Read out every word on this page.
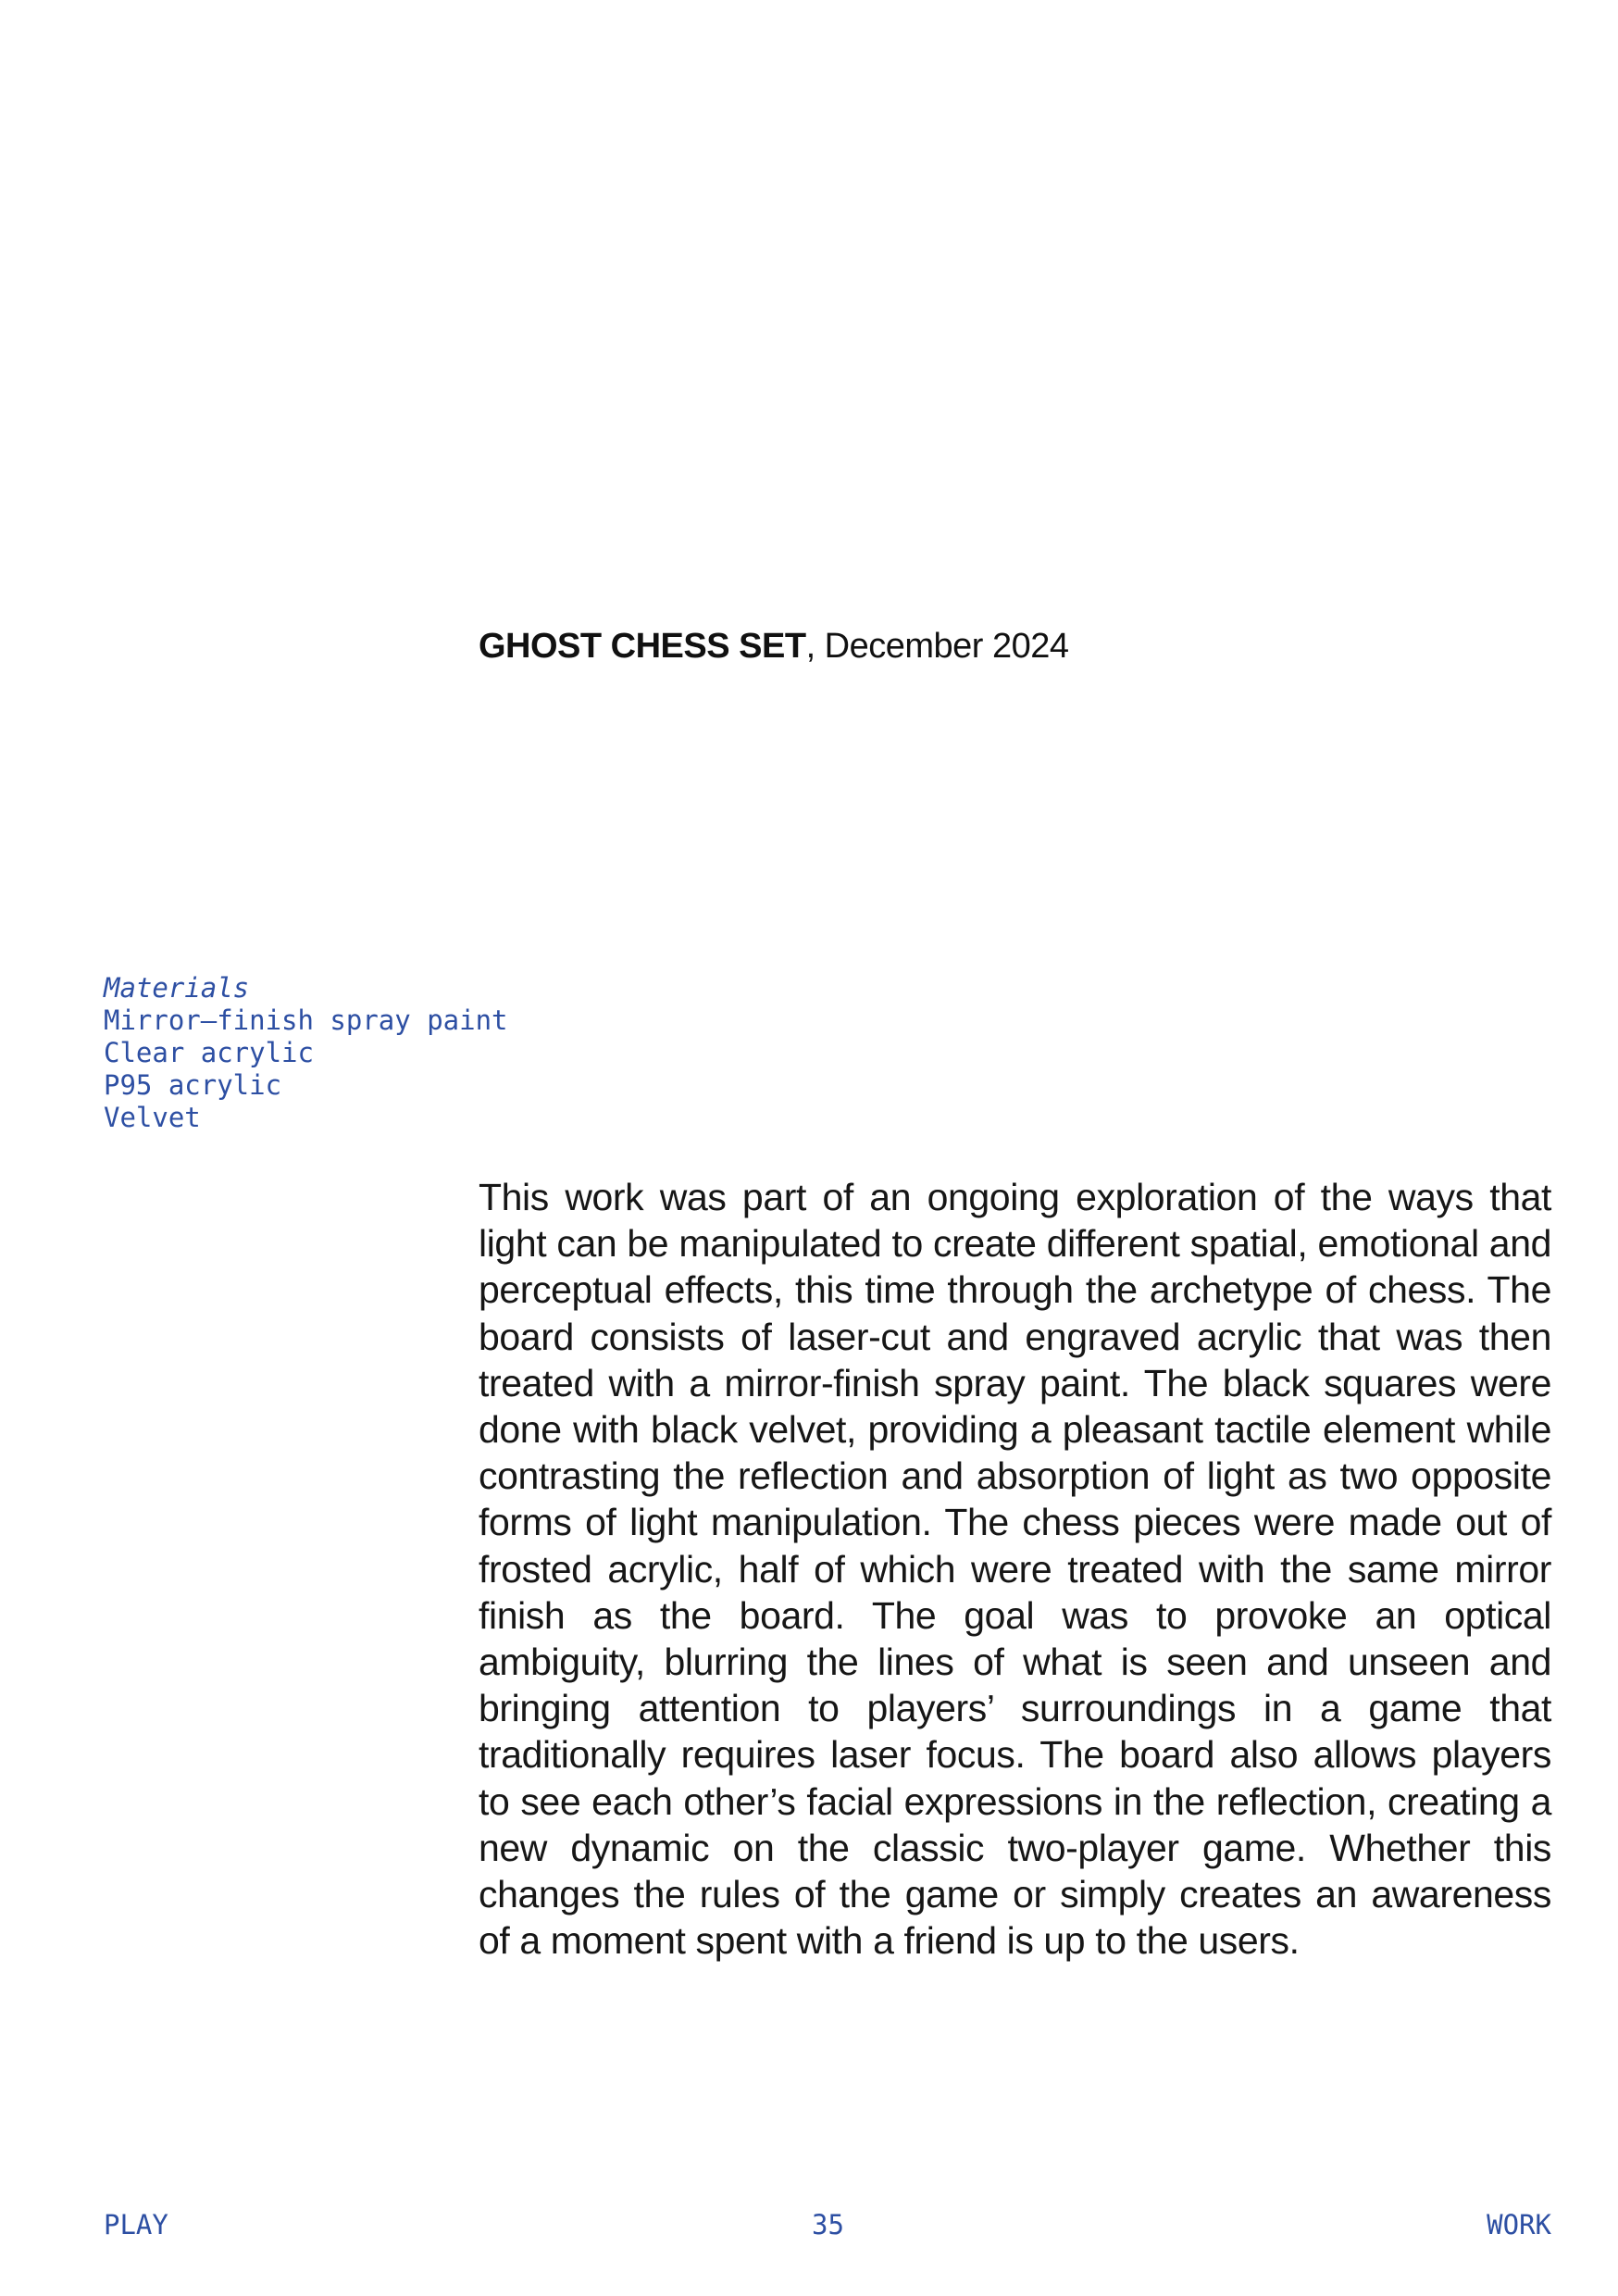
GHOST CHESS SET, December 2024
Materials
Mirror–finish spray paint
Clear acrylic
P95 acrylic
Velvet

This work was part of an ongoing exploration of the ways that light can be manipulated to create different spatial, emotional and perceptual effects, this time through the archetype of chess. The board consists of laser-cut and engraved acrylic that was then treated with a mirror-finish spray paint. The black squares were done with black velvet, providing a pleasant tactile element while contrasting the reflection and absorption of light as two opposite forms of light manipulation. The chess pieces were made out of frosted acrylic, half of which were treated with the same mirror finish as the board. The goal was to provoke an optical ambiguity, blurring the lines of what is seen and unseen and bringing attention to players’ surroundings in a game that traditionally requires laser focus. The board also allows players to see each other’s facial expressions in the reflection, creating a new dynamic on the classic two-player game. Whether this changes the rules of the game or simply creates an awareness of a moment spent with a friend is up to the users.

PLAY	35	WORK
